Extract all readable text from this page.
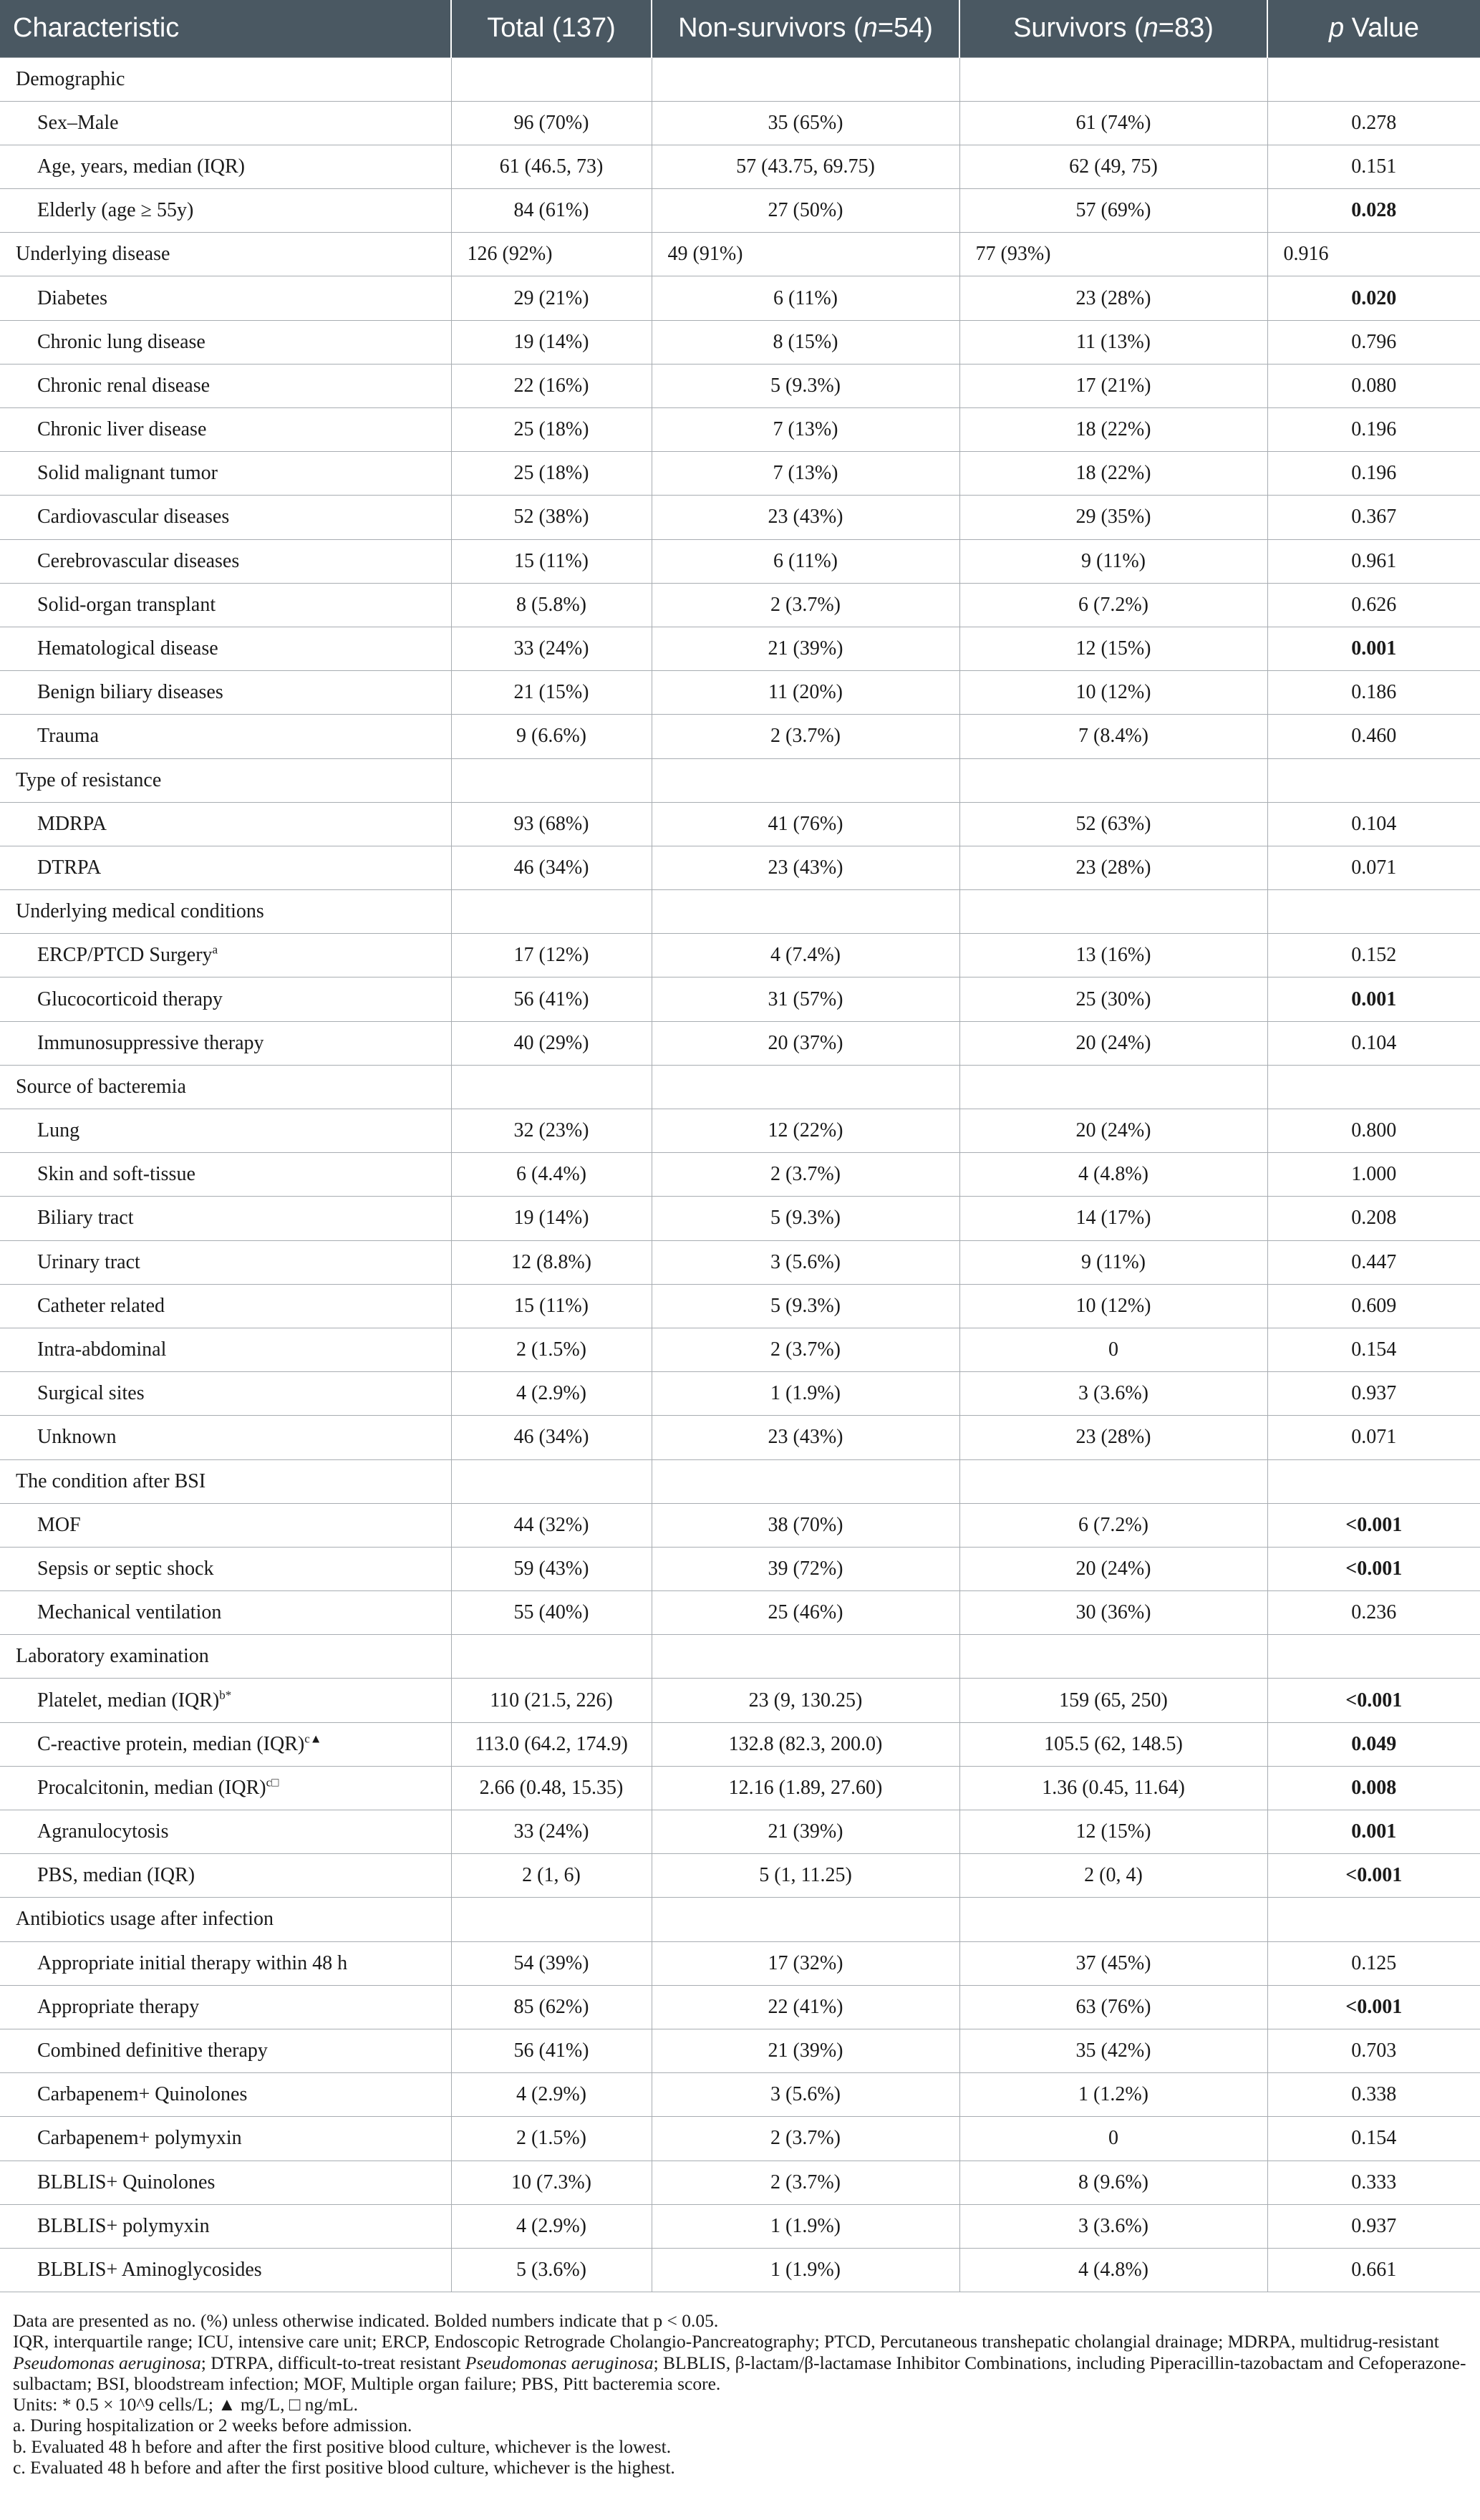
Characteristic	Total (137)	Non-survivors (n=54)	Survivors (n=83)	p Value
Demographic				
Sex–Male	96 (70%)	35 (65%)	61 (74%)	0.278
Age, years, median (IQR)	61 (46.5, 73)	57 (43.75, 69.75)	62 (49, 75)	0.151
Elderly (age ≥ 55y)	84 (61%)	27 (50%)	57 (69%)	0.028
Underlying disease	126 (92%)	49 (91%)	77 (93%)	0.916
Diabetes	29 (21%)	6 (11%)	23 (28%)	0.020
Chronic lung disease	19 (14%)	8 (15%)	11 (13%)	0.796
Chronic renal disease	22 (16%)	5 (9.3%)	17 (21%)	0.080
Chronic liver disease	25 (18%)	7 (13%)	18 (22%)	0.196
Solid malignant tumor	25 (18%)	7 (13%)	18 (22%)	0.196
Cardiovascular diseases	52 (38%)	23 (43%)	29 (35%)	0.367
Cerebrovascular diseases	15 (11%)	6 (11%)	9 (11%)	0.961
Solid-organ transplant	8 (5.8%)	2 (3.7%)	6 (7.2%)	0.626
Hematological disease	33 (24%)	21 (39%)	12 (15%)	0.001
Benign biliary diseases	21 (15%)	11 (20%)	10 (12%)	0.186
Trauma	9 (6.6%)	2 (3.7%)	7 (8.4%)	0.460
Type of resistance				
MDRPA	93 (68%)	41 (76%)	52 (63%)	0.104
DTRPA	46 (34%)	23 (43%)	23 (28%)	0.071
Underlying medical conditions				
ERCP/PTCD Surgery$^a$	17 (12%)	4 (7.4%)	13 (16%)	0.152
Glucocorticoid therapy	56 (41%)	31 (57%)	25 (30%)	0.001
Immunosuppressive therapy	40 (29%)	20 (37%)	20 (24%)	0.104
Source of bacteremia				
Lung	32 (23%)	12 (22%)	20 (24%)	0.800
Skin and soft-tissue	6 (4.4%)	2 (3.7%)	4 (4.8%)	1.000
Biliary tract	19 (14%)	5 (9.3%)	14 (17%)	0.208
Urinary tract	12 (8.8%)	3 (5.6%)	9 (11%)	0.447
Catheter related	15 (11%)	5 (9.3%)	10 (12%)	0.609
Intra-abdominal	2 (1.5%)	2 (3.7%)	0	0.154
Surgical sites	4 (2.9%)	1 (1.9%)	3 (3.6%)	0.937
Unknown	46 (34%)	23 (43%)	23 (28%)	0.071
The condition after BSI				
MOF	44 (32%)	38 (70%)	6 (7.2%)	<0.001
Sepsis or septic shock	59 (43%)	39 (72%)	20 (24%)	<0.001
Mechanical ventilation	55 (40%)	25 (46%)	30 (36%)	0.236
Laboratory examination				
Platelet, median (IQR)$^{b*}$	110 (21.5, 226)	23 (9, 130.25)	159 (65, 250)	<0.001
C-reactive protein, median (IQR)$^{c▲}$	113.0 (64.2, 174.9)	132.8 (82.3, 200.0)	105.5 (62, 148.5)	0.049
Procalcitonin, median (IQR)$^{c□}$	2.66 (0.48, 15.35)	12.16 (1.89, 27.60)	1.36 (0.45, 11.64)	0.008
Agranulocytosis	33 (24%)	21 (39%)	12 (15%)	0.001
PBS, median (IQR)	2 (1, 6)	5 (1, 11.25)	2 (0, 4)	<0.001
Antibiotics usage after infection				
Appropriate initial therapy within 48 h	54 (39%)	17 (32%)	37 (45%)	0.125
Appropriate therapy	85 (62%)	22 (41%)	63 (76%)	<0.001
Combined definitive therapy	56 (41%)	21 (39%)	35 (42%)	0.703
Carbapenem+ Quinolones	4 (2.9%)	3 (5.6%)	1 (1.2%)	0.338
Carbapenem+ polymyxin	2 (1.5%)	2 (3.7%)	0	0.154
BLBLIS+ Quinolones	10 (7.3%)	2 (3.7%)	8 (9.6%)	0.333
BLBLIS+ polymyxin	4 (2.9%)	1 (1.9%)	3 (3.6%)	0.937
BLBLIS+ Aminoglycosides	5 (3.6%)	1 (1.9%)	4 (4.8%)	0.661

Data are presented as no. (%) unless otherwise indicated. Bolded numbers indicate that p < 0.05.

IQR, interquartile range; ICU, intensive care unit; ERCP, Endoscopic Retrograde Cholangio-Pancreatography; PTCD, Percutaneous transhepatic cholangial drainage; MDRPA, multidrug-resistant Pseudomonas aeruginosa; DTRPA, difficult-to-treat resistant Pseudomonas aeruginosa; BLBLIS, β-lactam/β-lactamase Inhibitor Combinations, including Piperacillin-tazobactam and Cefoperazone-sulbactam; BSI, bloodstream infection; MOF, Multiple organ failure; PBS, Pitt bacteremia score.

Units: * 0.5 × 10^9 cells/L; ▲ mg/L, □ ng/mL.

a. During hospitalization or 2 weeks before admission.

b. Evaluated 48 h before and after the first positive blood culture, whichever is the lowest.

c. Evaluated 48 h before and after the first positive blood culture, whichever is the highest.
